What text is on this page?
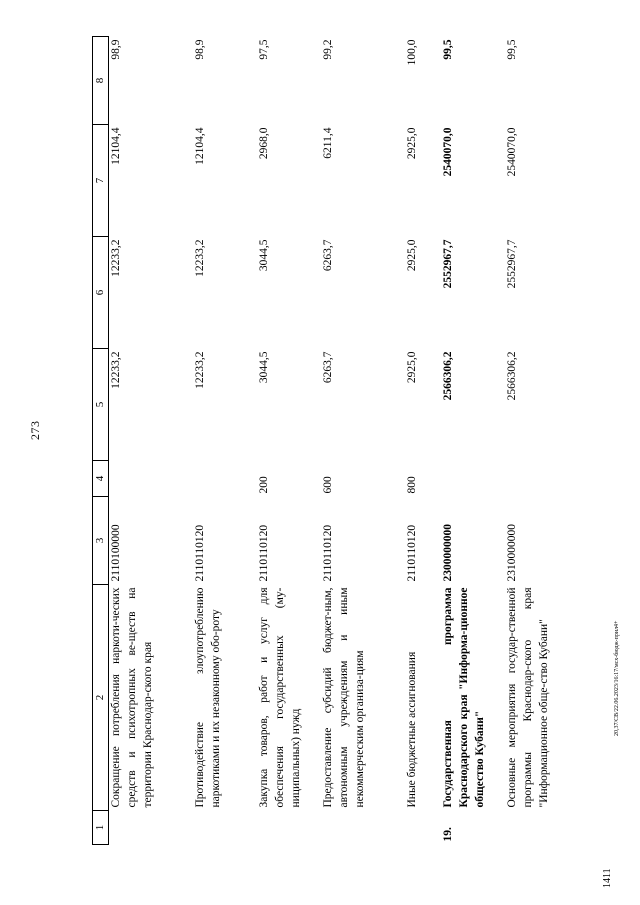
273
1	2	3	4	5	6	7	8
	Сокращение потребления наркоти-ческих средств и психотропных ве-ществ на территории Краснодар-ского края	2110100000		12233,2	12233,2	12104,4	98,9
	Противодействие злоупотреблению наркотиками и их незаконному обо-роту	2110110120		12233,2	12233,2	12104,4	98,9
	Закупка товаров, работ и услуг для обеспечения государственных (му-ниципальных) нужд	2110110120	200	3044,5	3044,5	2968,0	97,5
	Предоставление субсидий бюджет-ным, автономным учреждениям и иным некоммерческим организа-циям	2110110120	600	6263,7	6263,7	6211,4	99,2
	Иные бюджетные ассигнования	2110110120	800	2925,0	2925,0	2925,0	100,0
19.	Государственная программа Краснодарского края "Информа-ционное общество Кубани"	2300000000		2566306,2	2552967,7	2540070,0	99,5
	Основные мероприятия государ-ственной программы Краснодар-ского края "Информационное обще-ство Кубани"	2310000000		2566306,2	2552967,7	2540070,0	99,5
20,37/СВ/22.06.2023/16:17/мсх-бюдж-прил4+
1411
